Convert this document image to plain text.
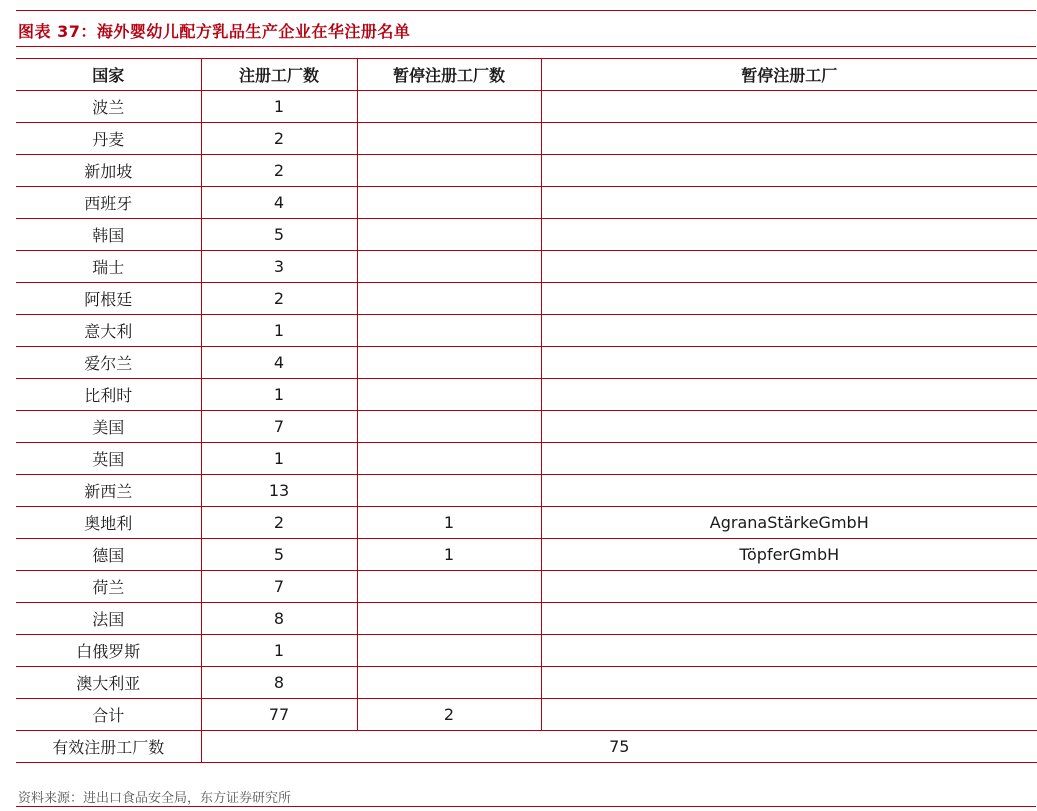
图表 37：海外婴幼儿配方乳品生产企业在华注册名单
国家	注册工厂数	暂停注册工厂数	暂停注册工厂
波兰	1		
丹麦	2		
新加坡	2		
西班牙	4		
韩国	5		
瑞士	3		
阿根廷	2		
意大利	1		
爱尔兰	4		
比利时	1		
美国	7		
英国	1		
新西兰	13		
奥地利	2	1	AgranaStärkeGmbH
德国	5	1	TöpferGmbH
荷兰	7		
法国	8		
白俄罗斯	1		
澳大利亚	8		
合计	77	2	
有效注册工厂数	75		
资料来源：进出口食品安全局，东方证券研究所
